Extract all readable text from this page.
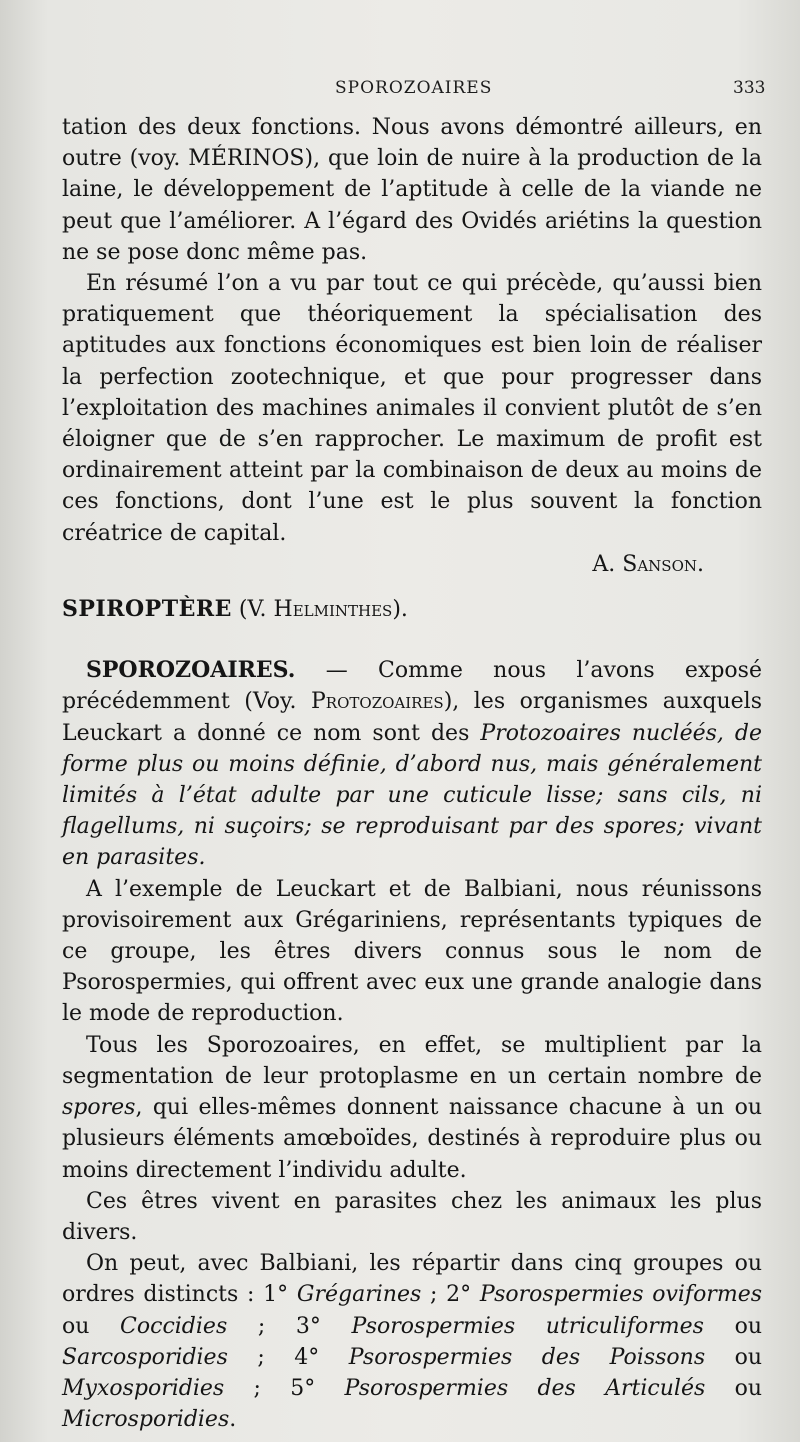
SPOROZOAIRES	333

tation des deux fonctions. Nous avons démontré ailleurs, en outre (voy. MÉRINOS), que loin de nuire à la production de la laine, le développement de l’aptitude à celle de la viande ne peut que l’améliorer. A l’égard des Ovidés ariétins la question ne se pose donc même pas.

En résumé l’on a vu par tout ce qui précède, qu’aussi bien pratiquement que théoriquement la spécialisation des aptitudes aux fonctions économiques est bien loin de réaliser la perfection zootechnique, et que pour progresser dans l’exploitation des machines animales il convient plutôt de s’en éloigner que de s’en rapprocher. Le maximum de profit est ordinairement atteint par la combinaison de deux au moins de ces fonctions, dont l’une est le plus souvent la fonction créatrice de capital.

A. Sanson.

SPIROPTÈRE (V. Helminthes).

SPOROZOAIRES. — Comme nous l’avons exposé précédemment (Voy. Protozoaires), les organismes auxquels Leuckart a donné ce nom sont des Protozoaires nucléés, de forme plus ou moins définie, d’abord nus, mais généralement limités à l’état adulte par une cuticule lisse; sans cils, ni flagellums, ni suçoirs; se reproduisant par des spores; vivant en parasites.

A l’exemple de Leuckart et de Balbiani, nous réunissons provisoirement aux Grégariniens, représentants typiques de ce groupe, les êtres divers connus sous le nom de Psorospermies, qui offrent avec eux une grande analogie dans le mode de reproduction.

Tous les Sporozoaires, en effet, se multiplient par la segmentation de leur protoplasme en un certain nombre de spores, qui elles-mêmes donnent naissance chacune à un ou plusieurs éléments amœboïdes, destinés à reproduire plus ou moins directement l’individu adulte.

Ces êtres vivent en parasites chez les animaux les plus divers.

On peut, avec Balbiani, les répartir dans cinq groupes ou ordres distincts : 1° Grégarines ; 2° Psorospermies oviformes ou Coccidies ; 3° Psorospermies utriculiformes ou Sarcosporidies ; 4° Psorospermies des Poissons ou Myxosporidies ; 5° Psorospermies des Articulés ou Microsporidies.
